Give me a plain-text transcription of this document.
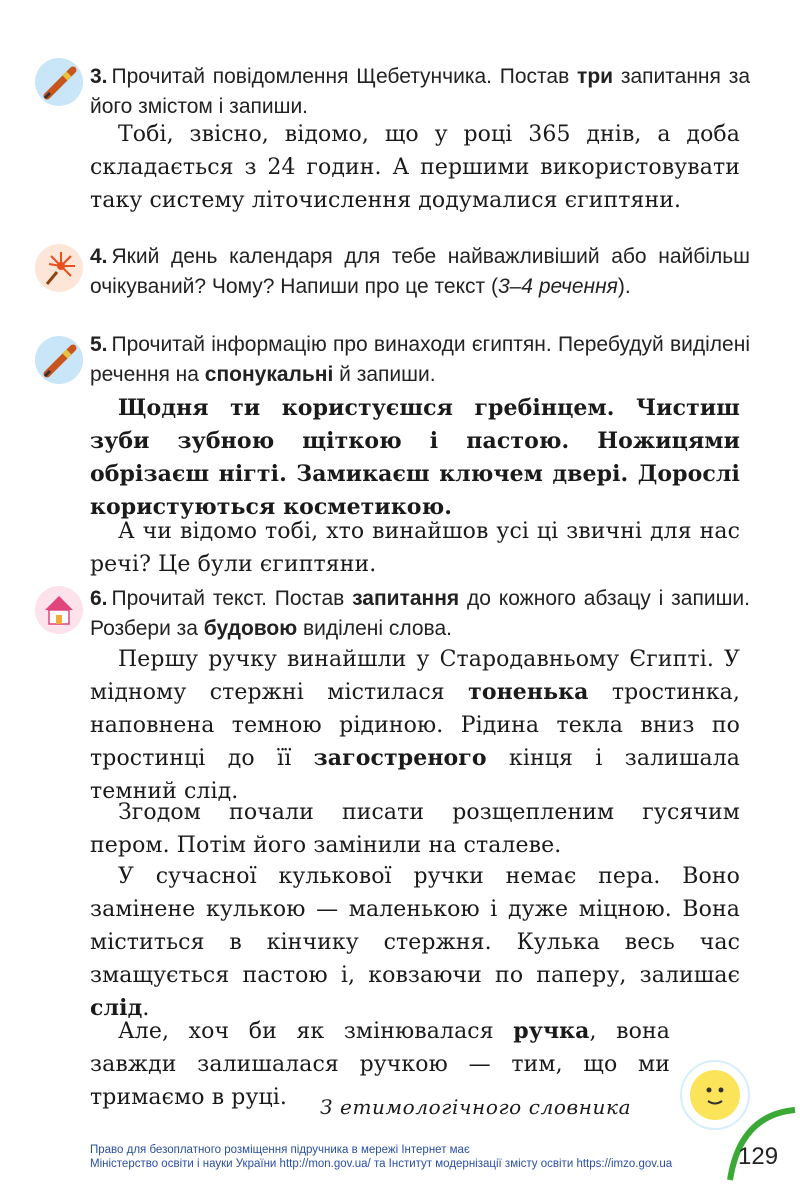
3. Прочитай повідомлення Щебетунчика. Постав три запитання за його змістом і запиши.
Тобі, звісно, відомо, що у році 365 днів, а доба складається з 24 годин. А першими використовувати таку систему літочислення додумалися єгиптяни.
4. Який день календаря для тебе найважливіший або найбільш очікуваний? Чому? Напиши про це текст (3–4 речення).
5. Прочитай інформацію про винаходи єгиптян. Перебудуй виділені речення на спонукальні й запиши.
Щодня ти користуєшся гребінцем. Чистиш зуби зубною щіткою і пастою. Ножицями обрізаєш нігті. Замикаєш ключем двері. Дорослі користуються косметикою.
А чи відомо тобі, хто винайшов усі ці звичні для нас речі? Це були єгиптяни.
6. Прочитай текст. Постав запитання до кожного абзацу і запиши. Розбери за будовою виділені слова.
Першу ручку винайшли у Стародавньому Єгипті. У мідному стержні містилася тоненька тростинка, наповнена темною рідиною. Рідина текла вниз по тростинці до її загостреного кінця і залишала темний слід.
Згодом почали писати розщепленим гусячим пером. Потім його замінили на сталеве.
У сучасної кулькової ручки немає пера. Воно замінене кулькою — маленькою і дуже міцною. Вона міститься в кінчику стержня. Кулька весь час змащується пастою і, ковзаючи по паперу, залишає слід.
Але, хоч би як змінювалася ручка, вона завжди залишалася ручкою — тим, що ми тримаємо в руці.	З етимологічного словника
Право для безоплатного розміщення підручника в мережі Інтернет має
Міністерство освіти і науки України http://mon.gov.ua/ та Інститут модернізації змісту освіти https://imzo.gov.ua	129
